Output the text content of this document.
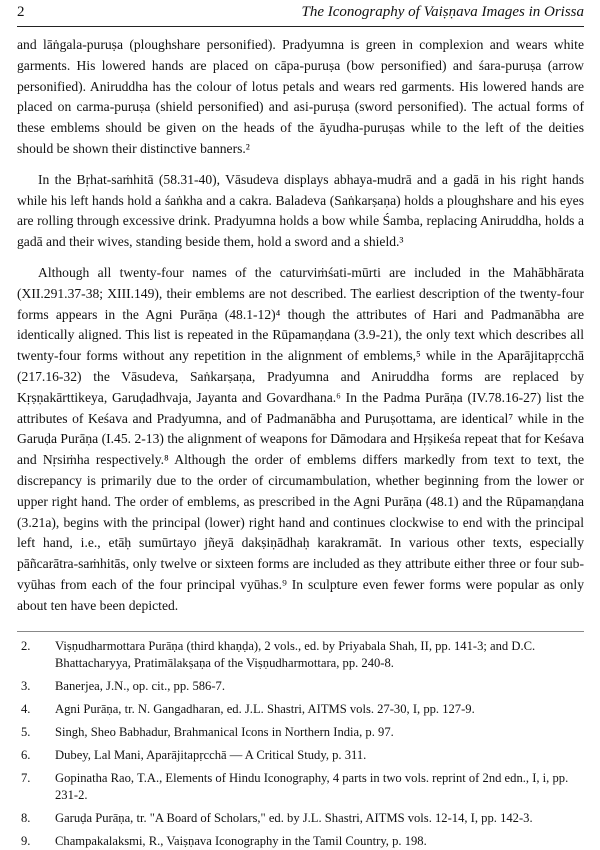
2	The Iconography of Vaiṣṇava Images in Orissa

and lāṅgala-puruṣa (ploughshare personified). Pradyumna is green in complexion and wears white garments. His lowered hands are placed on cāpa-puruṣa (bow personified) and śara-puruṣa (arrow personified). Aniruddha has the colour of lotus petals and wears red garments. His lowered hands are placed on carma-puruṣa (shield personified) and asi-puruṣa (sword personified). The actual forms of these emblems should be given on the heads of the āyudha-puruṣas while to the left of the deities should be shown their distinctive banners.²

In the Bṛhat-saṁhitā (58.31-40), Vāsudeva displays abhaya-mudrā and a gadā in his right hands while his left hands hold a śaṅkha and a cakra. Baladeva (Saṅkarṣaṇa) holds a ploughshare and his eyes are rolling through excessive drink. Pradyumna holds a bow while Śamba, replacing Aniruddha, holds a gadā and their wives, standing beside them, hold a sword and a shield.³

Although all twenty-four names of the caturviṁśati-mūrti are included in the Mahābhārata (XII.291.37-38; XIII.149), their emblems are not described. The earliest description of the twenty-four forms appears in the Agni Purāṇa (48.1-12)⁴ though the attributes of Hari and Padmanābha are identically aligned. This list is repeated in the Rūpamaṇḍana (3.9-21), the only text which describes all twenty-four forms without any repetition in the alignment of emblems,⁵ while in the Aparājitapṛcchā (217.16-32) the Vāsudeva, Saṅkarṣaṇa, Pradyumna and Aniruddha forms are replaced by Kṛṣṇakārttikeya, Garuḍadhvaja, Jayanta and Govardhana.⁶ In the Padma Purāṇa (IV.78.16-27) list the attributes of Keśava and Pradyumna, and of Padmanābha and Puruṣottama, are identical⁷ while in the Garuḍa Purāṇa (I.45. 2-13) the alignment of weapons for Dāmodara and Hṛṣikeśa repeat that for Keśava and Nṛsiṁha respectively.⁸ Although the order of emblems differs markedly from text to text, the discrepancy is primarily due to the order of circumambulation, whether beginning from the lower or upper right hand. The order of emblems, as prescribed in the Agni Purāṇa (48.1) and the Rūpamaṇḍana (3.21a), begins with the principal (lower) right hand and continues clockwise to end with the principal left hand, i.e., etāḥ sumūrtayo jñeyā dakṣiṇādhaḥ karakramāt. In various other texts, especially pāñcarātra-saṁhitās, only twelve or sixteen forms are included as they attribute either three or four sub-vyūhas from each of the four principal vyūhas.⁹ In sculpture even fewer forms were popular as only about ten have been depicted.

2.	Viṣṇudharmottara Purāṇa (third khaṇḍa), 2 vols., ed. by Priyabala Shah, II, pp. 141-3; and D.C. Bhattacharyya, Pratimālakṣaṇa of the Viṣṇudharmottara, pp. 240-8.
3.	Banerjea, J.N., op. cit., pp. 586-7.
4.	Agni Purāṇa, tr. N. Gangadharan, ed. J.L. Shastri, AITMS vols. 27-30, I, pp. 127-9.
5.	Singh, Sheo Babhadur, Brahmanical Icons in Northern India, p. 97.
6.	Dubey, Lal Mani, Aparājitapṛcchā — A Critical Study, p. 311.
7.	Gopinatha Rao, T.A., Elements of Hindu Iconography, 4 parts in two vols. reprint of 2nd edn., I, i, pp. 231-2.
8.	Garuḍa Purāṇa, tr. "A Board of Scholars," ed. by J.L. Shastri, AITMS vols. 12-14, I, pp. 142-3.
9.	Champakalaksmi, R., Vaiṣṇava Iconography in the Tamil Country, p. 198.
